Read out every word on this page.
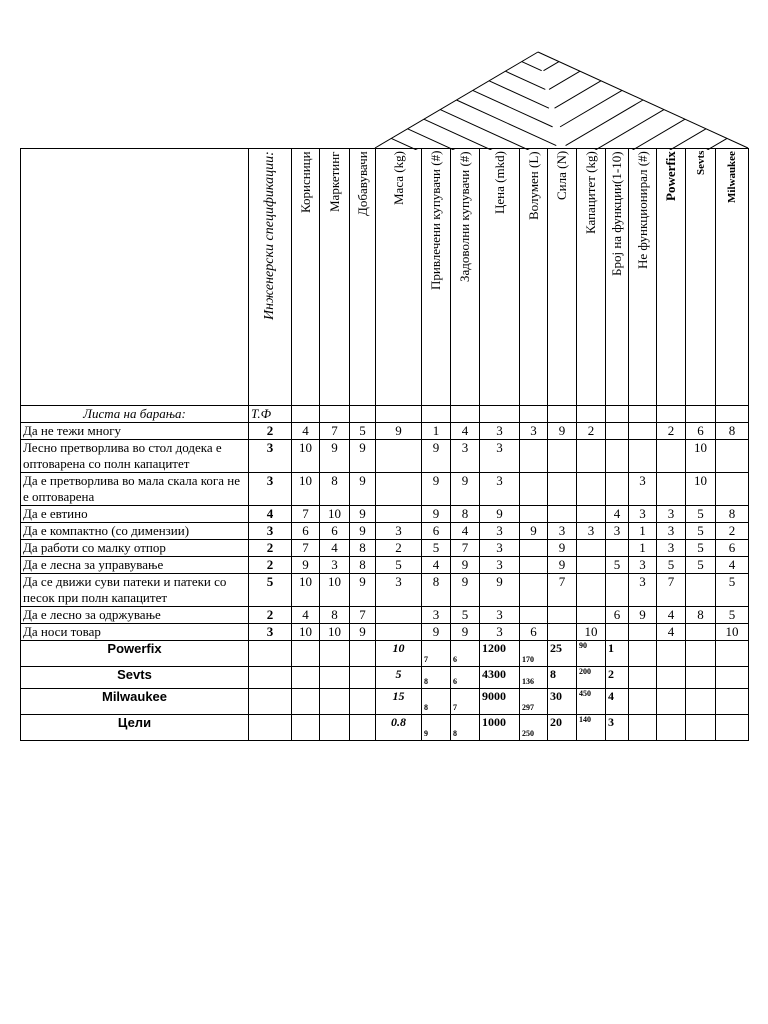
	Инженерски спецификации:	Корисници	Маркетинг	Добавувачи	Маса (kg)	Привлечени купувачи (#)	Задоволни купувачи (#)	Цена (mkd)	Волумен (L)	Сила (N)	Капацитет (kg)	Број на функции(1-10)	Не функционирал (#)	Powerfix	Sevts	Milwaukee

Листа на барања:	Т.Ф															
Да не тежи многу	2	4	7	5	9	1	4	3	3	9	2			2	6	8
Лесно претворлива во стол додека е оптоварена со полн капацитет	3	10	9	9		9	3	3							10	
Да е претворлива во мала скала кога не е оптоварена	3	10	8	9		9	9	3					3		10	
Да е евтино	4	7	10	9		9	8	9				4	3	3	5	8
Да е компактно (со димензии)	3	6	6	9	3	6	4	3	9	3	3	3	1	3	5	2
Да работи со малку отпор	2	7	4	8	2	5	7	3		9			1	3	5	6
Да е лесна за управување	2	9	3	8	5	4	9	3		9		5	3	5	5	4
Да се движи суви патеки и патеки со песок при полн капацитет	5	10	10	9	3	8	9	9		7			3	7		5
Да е лесно за одржување	2	4	8	7		3	5	3				6	9	4	8	5
Да носи товар	3	10	10	9		9	9	3	6		10			4		10
Powerfix					10	7	6	1200	170	25	90	1				
Sevts					5	8	6	4300	136	8	200	2				
Milwaukee					15	8	7	9000	297	30	450	4				
Цели					0.8	9	8	1000	250	20	140	3				
